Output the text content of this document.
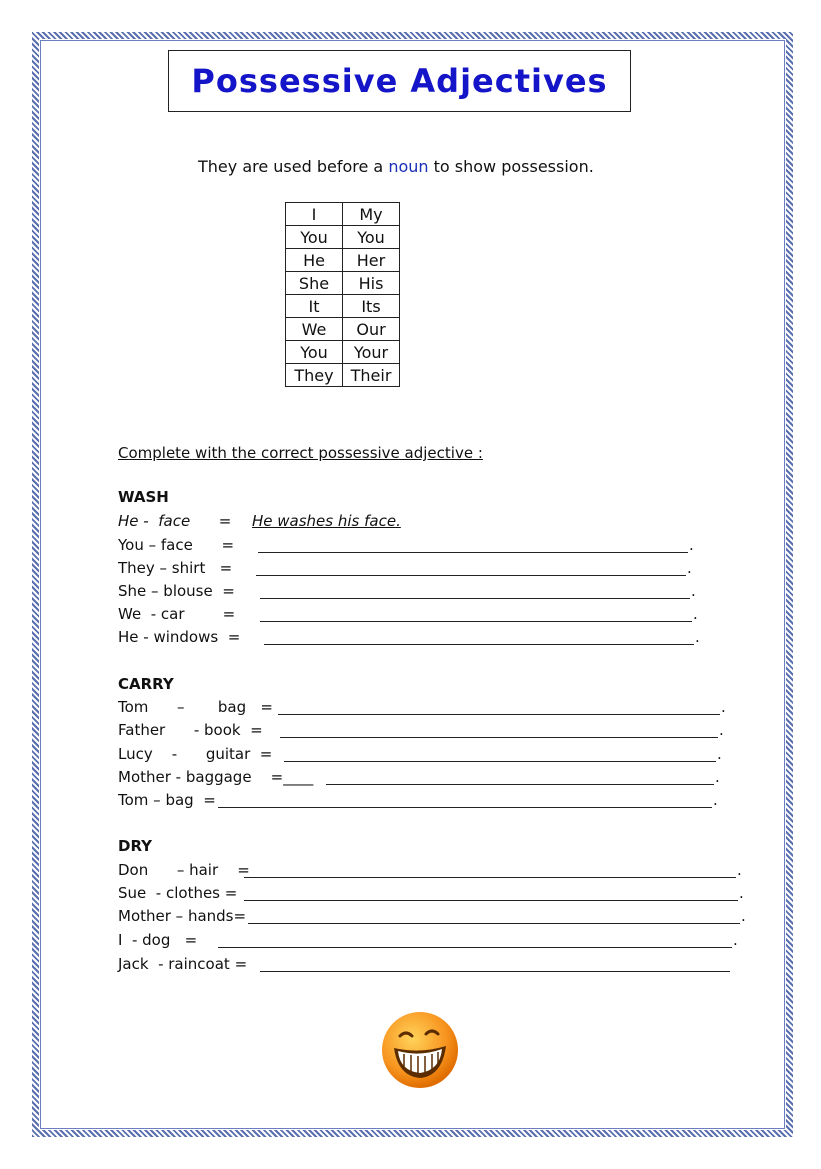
Possessive Adjectives
They are used before a noun to show possession.
I	My
You	You
He	Her
She	His
It	Its
We	Our
You	Your
They	Their
Complete with the correct possessive adjective :
WASH
He -  face      = He washes his face.
You – face      =	.
They – shirt   =	.
She – blouse  =	.
We  - car        =	.
He - windows  =	.
CARRY
Tom      –       bag   =	.
Father      - book  =	.
Lucy    -      guitar  =	.
Mother - baggage    =____	.
Tom – bag  =	.
DRY
Don      – hair    =	.
Sue  - clothes =	.
Mother – hands=	.
I  - dog   =	.
Jack  - raincoat =
